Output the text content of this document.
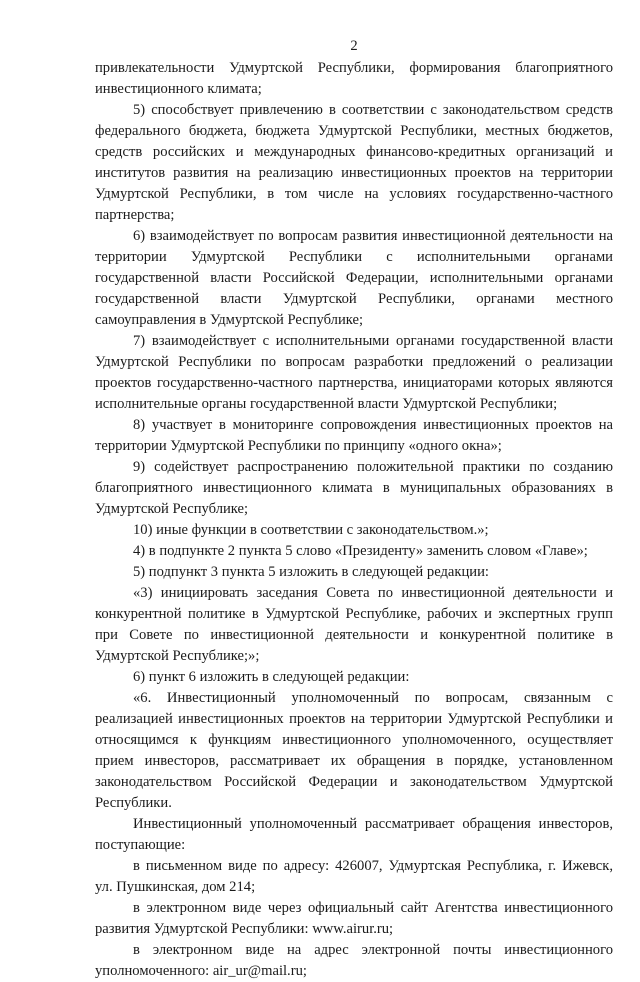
2

привлекательности Удмуртской Республики, формирования благоприятного инвестиционного климата;

5) способствует привлечению в соответствии с законодательством средств федерального бюджета, бюджета Удмуртской Республики, местных бюджетов, средств российских и международных финансово-кредитных организаций и институтов развития на реализацию инвестиционных проектов на территории Удмуртской Республики, в том числе на условиях государственно-частного партнерства;

6) взаимодействует по вопросам развития инвестиционной деятельности на территории Удмуртской Республики с исполнительными органами государственной власти Российской Федерации, исполнительными органами государственной власти Удмуртской Республики, органами местного самоуправления в Удмуртской Республике;

7) взаимодействует с исполнительными органами государственной власти Удмуртской Республики по вопросам разработки предложений о реализации проектов государственно-частного партнерства, инициаторами которых являются исполнительные органы государственной власти Удмуртской Республики;

8) участвует в мониторинге сопровождения инвестиционных проектов на территории Удмуртской Республики по принципу «одного окна»;

9) содействует распространению положительной практики по созданию благоприятного инвестиционного климата в муниципальных образованиях в Удмуртской Республике;

10) иные функции в соответствии с законодательством.»;

4) в подпункте 2 пункта 5 слово «Президенту» заменить словом «Главе»;

5) подпункт 3 пункта 5 изложить в следующей редакции:

«3) инициировать заседания Совета по инвестиционной деятельности и конкурентной политике в Удмуртской Республике, рабочих и экспертных групп при Совете по инвестиционной деятельности и конкурентной политике в Удмуртской Республике;»;

6) пункт 6 изложить в следующей редакции:

«6. Инвестиционный уполномоченный по вопросам, связанным с реализацией инвестиционных проектов на территории Удмуртской Республики и относящимся к функциям инвестиционного уполномоченного, осуществляет прием инвесторов, рассматривает их обращения в порядке, установленном законодательством Российской Федерации и законодательством Удмуртской Республики.

Инвестиционный уполномоченный рассматривает обращения инвесторов, поступающие:

в письменном виде по адресу: 426007, Удмуртская Республика, г. Ижевск, ул. Пушкинская, дом 214;

в электронном виде через официальный сайт Агентства инвестиционного развития Удмуртской Республики: www.airur.ru;

в электронном виде на адрес электронной почты инвестиционного уполномоченного: air_ur@mail.ru;
